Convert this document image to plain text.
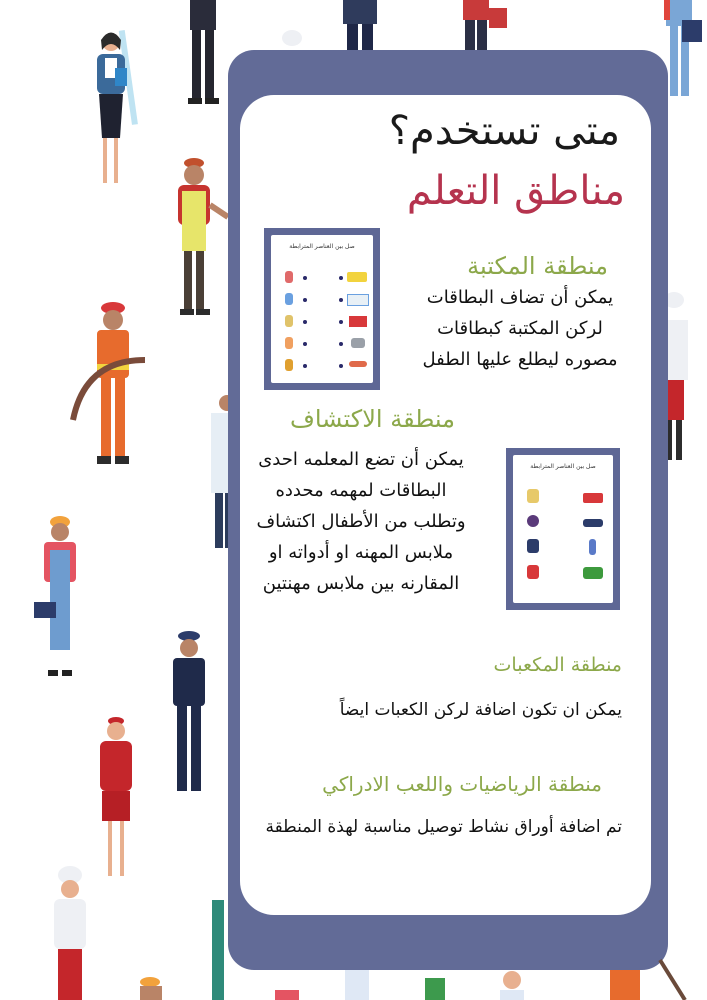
متى تستخدم؟
مناطق التعلم
صل بين العناصر المترابطة
منطقة المكتبة
يمكن أن تضاف البطاقات لركن المكتبة كبطاقات مصوره ليطلع عليها الطفل
منطقة الاكتشاف
يمكن أن تضع المعلمه احدى البطاقات لمهمه محدده وتطلب من الأطفال اكتشاف ملابس المهنه او أدواته او المقارنه بين ملابس مهنتين
صل بين العناصر المترابطة
منطقة المكعبات
يمكن ان تكون اضافة لركن الكعبات ايضاً
منطقة الرياضيات واللعب الادراكي
تم اضافة أوراق نشاط توصيل مناسبة لهذة المنطقة
